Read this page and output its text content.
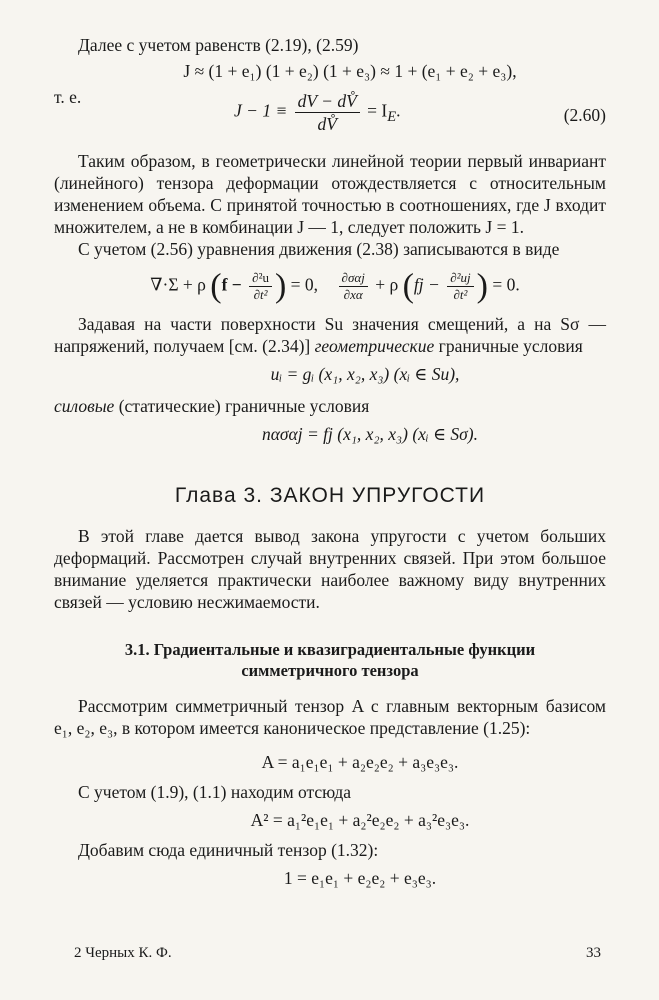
Далее с учетом равенств (2.19), (2.59)

J ≈ (1 + e₁) (1 + e₂) (1 + e₃) ≈ 1 + (e₁ + e₂ + e₃),

т. е.

$J - 1 \equiv \frac{dV - dV̊}{dV̊} = I_E$.	(2.60)

Таким образом, в геометрически линейной теории первый инвариант (линейного) тензора деформации отождествляется с относительным изменением объема. С принятой точностью в соотношениях, где J входит множителем, а не в комбинации J — 1, следует положить J = 1.

С учетом (2.56) уравнения движения (2.38) записываются в виде

∇·Σ + ρ ($f - \frac{\text{∂²u}}{\text{∂t²}}$ ) = 0, $\frac{\text{∂σαj}}{\partial x\alpha} + \rho$ ($fj - \frac{\text{∂²uj}}{\text{∂t²}}$ ) = 0.

Задавая на части поверхности Su значения смещений, а на Sσ — напряжений, получаем [см. (2.34)] геометрические граничные условия

uᵢ = gᵢ (x₁, x₂, x₃) (xᵢ ∈ Su),

силовые (статические) граничные условия

nασαj = fj (x₁, x₂, x₃) (xᵢ ∈ Sσ).
Глава 3. ЗАКОН УПРУГОСТИ

В этой главе дается вывод закона упругости с учетом больших деформаций. Рассмотрен случай внутренних связей. При этом большое внимание уделяется практически наиболее важному виду внутренних связей — условию несжимаемости.

3.1. Градиентальные и квазиградиентальные функции
симметричного тензора

Рассмотрим симметричный тензор A с главным векторным базисом e₁, e₂, e₃, в котором имеется каноническое представление (1.25):

A = a₁e₁e₁ + a₂e₂e₂ + a₃e₃e₃.

С учетом (1.9), (1.1) находим отсюда

A² = a₁²e₁e₁ + a₂²e₂e₂ + a₃²e₃e₃.

Добавим сюда единичный тензор (1.32):

1 = e₁e₁ + e₂e₂ + e₃e₃.
2 Черных К. Ф.	33
